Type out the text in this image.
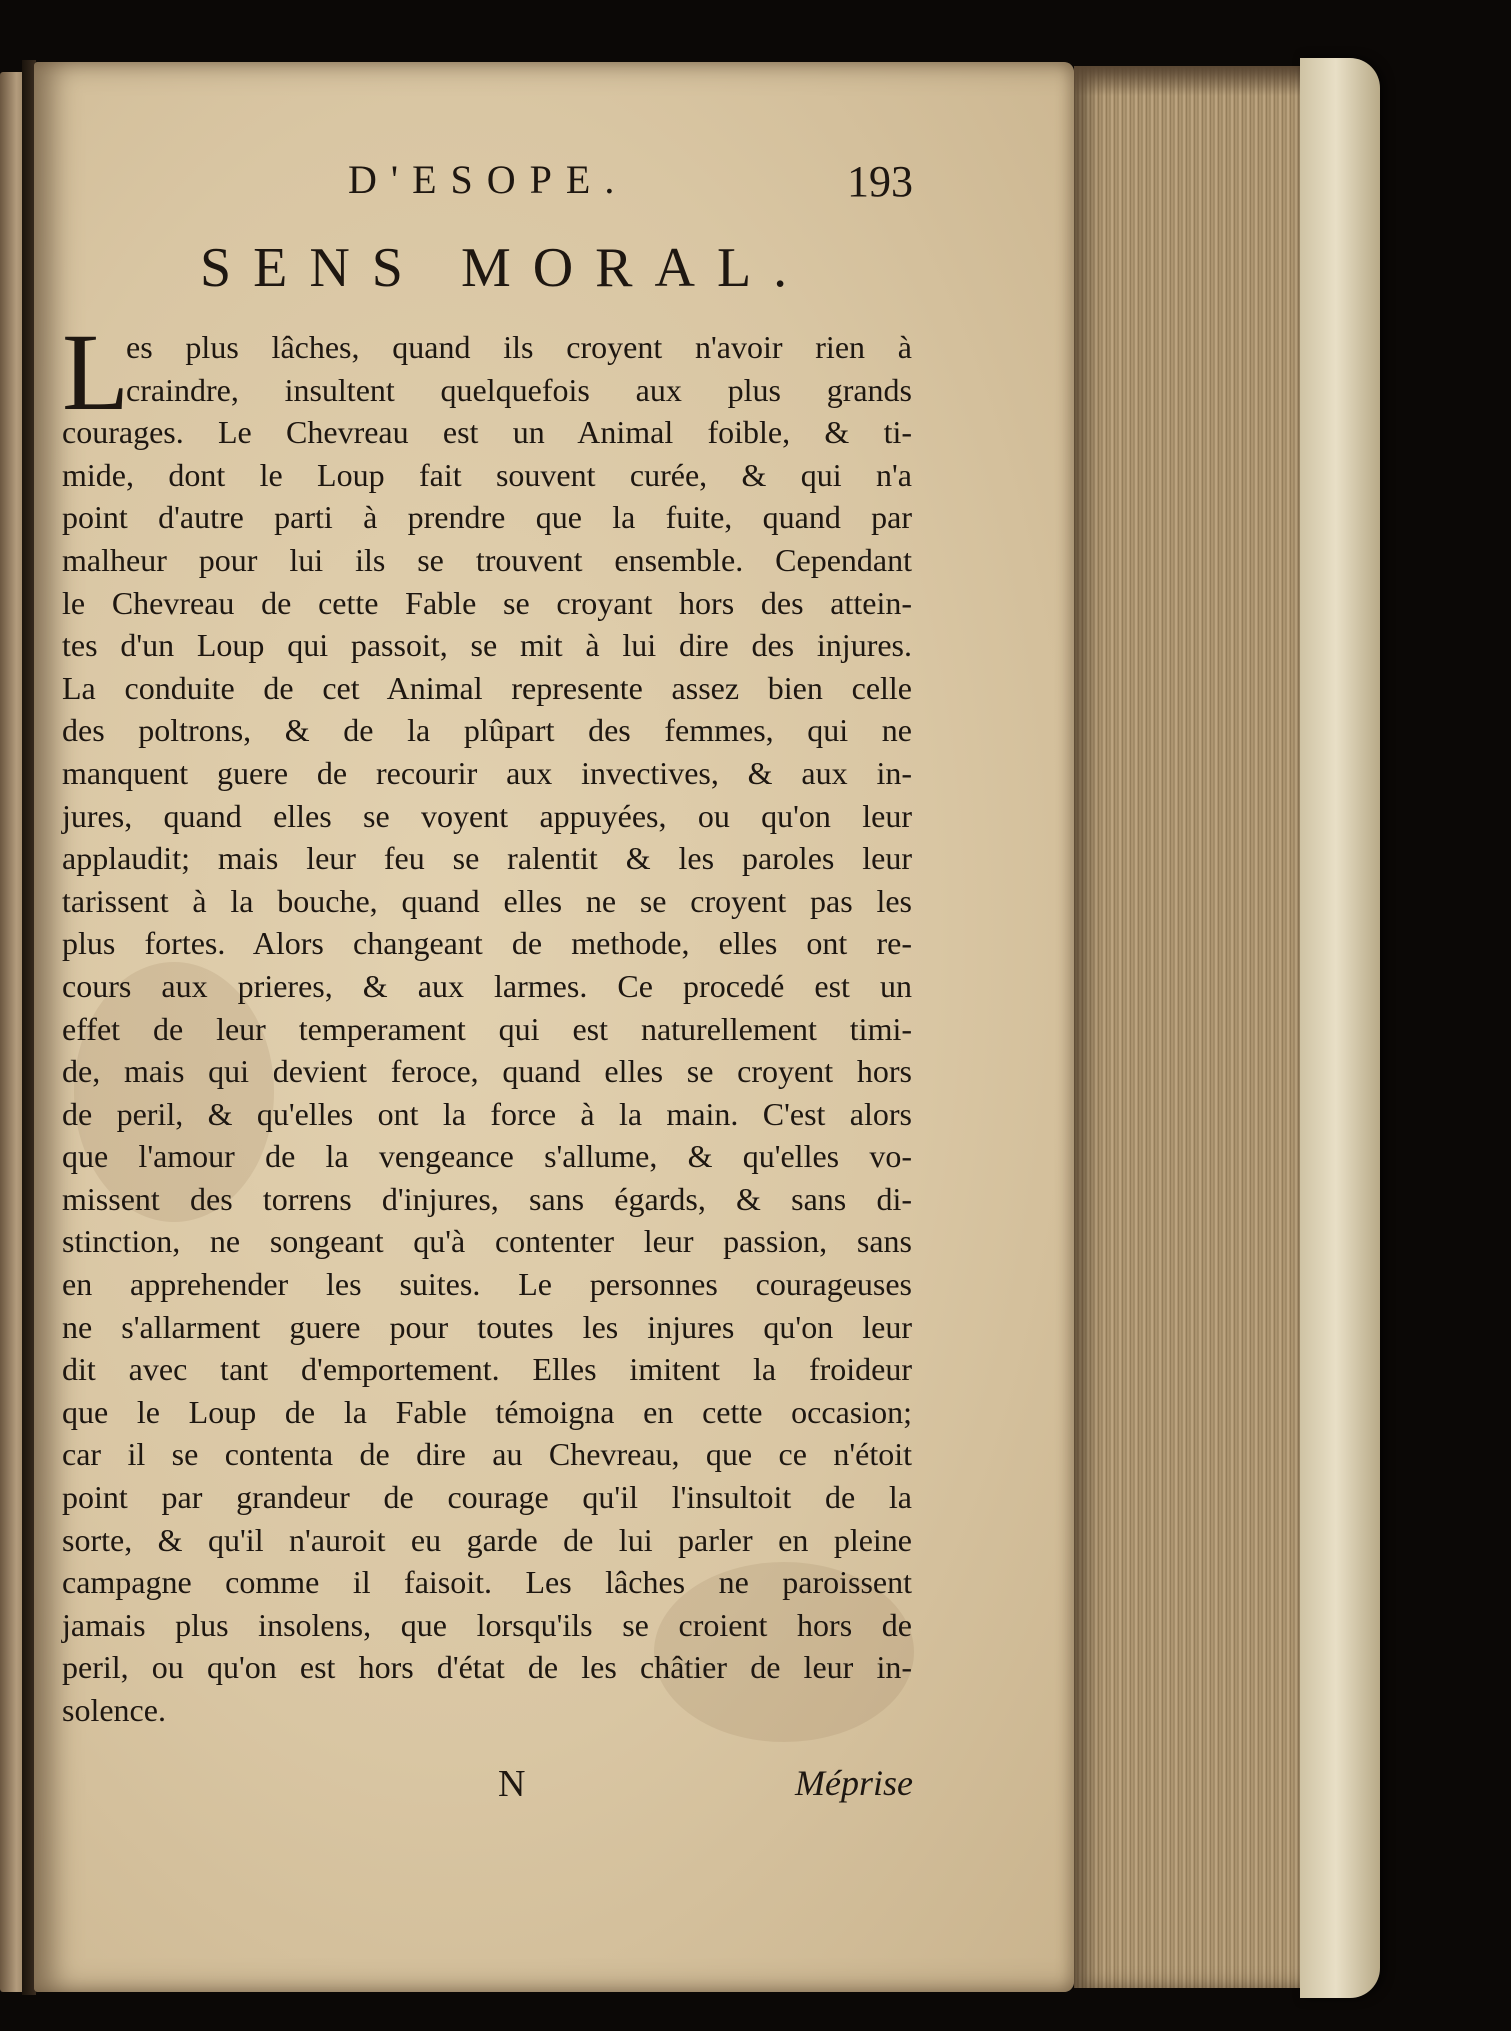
D'ESOPE.	193
SENS MORAL.
L
es plus lâches, quand ils croyent n'avoir rien à
craindre, insultent quelquefois aux plus grands
courages. Le Chevreau est un Animal foible, & ti-
mide, dont le Loup fait souvent curée, & qui n'a
point d'autre parti à prendre que la fuite, quand par
malheur pour lui ils se trouvent ensemble. Cependant
le Chevreau de cette Fable se croyant hors des attein-
tes d'un Loup qui passoit, se mit à lui dire des injures.
La conduite de cet Animal represente assez bien celle
des poltrons, & de la plûpart des femmes, qui ne
manquent guere de recourir aux invectives, & aux in-
jures, quand elles se voyent appuyées, ou qu'on leur
applaudit; mais leur feu se ralentit & les paroles leur
tarissent à la bouche, quand elles ne se croyent pas les
plus fortes. Alors changeant de methode, elles ont re-
cours aux prieres, & aux larmes. Ce procedé est un
effet de leur temperament qui est naturellement timi-
de, mais qui devient feroce, quand elles se croyent hors
de peril, & qu'elles ont la force à la main. C'est alors
que l'amour de la vengeance s'allume, & qu'elles vo-
missent des torrens d'injures, sans égards, & sans di-
stinction, ne songeant qu'à contenter leur passion, sans
en apprehender les suites. Le personnes courageuses
ne s'allarment guere pour toutes les injures qu'on leur
dit avec tant d'emportement. Elles imitent la froideur
que le Loup de la Fable témoigna en cette occasion;
car il se contenta de dire au Chevreau, que ce n'étoit
point par grandeur de courage qu'il l'insultoit de la
sorte, & qu'il n'auroit eu garde de lui parler en pleine
campagne comme il faisoit. Les lâches ne paroissent
jamais plus insolens, que lorsqu'ils se croient hors de
peril, ou qu'on est hors d'état de les châtier de leur in-
solence.
N	Méprise
